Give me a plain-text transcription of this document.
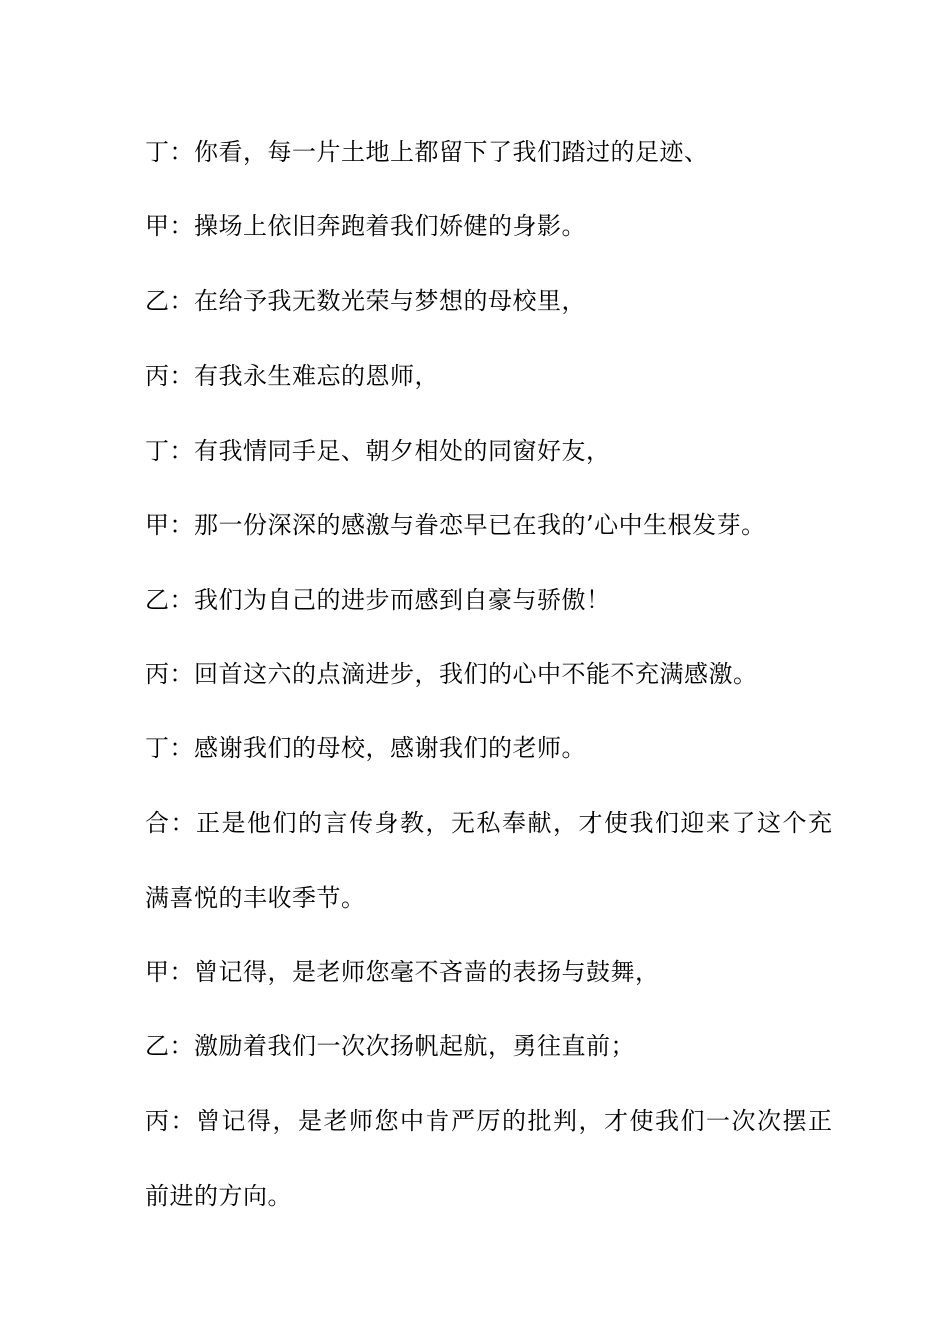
丁：你看，每一片土地上都留下了我们踏过的足迹、

甲：操场上依旧奔跑着我们娇健的身影。

乙：在给予我无数光荣与梦想的母校里，

丙：有我永生难忘的恩师，

丁：有我情同手足、朝夕相处的同窗好友，

甲：那一份深深的感激与眷恋早已在我的’心中生根发芽。

乙：我们为自己的进步而感到自豪与骄傲！

丙：回首这六的点滴进步，我们的心中不能不充满感激。

丁：感谢我们的母校，感谢我们的老师。

合：正是他们的言传身教，无私奉献，才使我们迎来了这个充

满喜悦的丰收季节。

甲：曾记得，是老师您毫不吝啬的表扬与鼓舞，

乙：激励着我们一次次扬帆起航，勇往直前；

丙：曾记得，是老师您中肯严厉的批判，才使我们一次次摆正

前进的方向。
